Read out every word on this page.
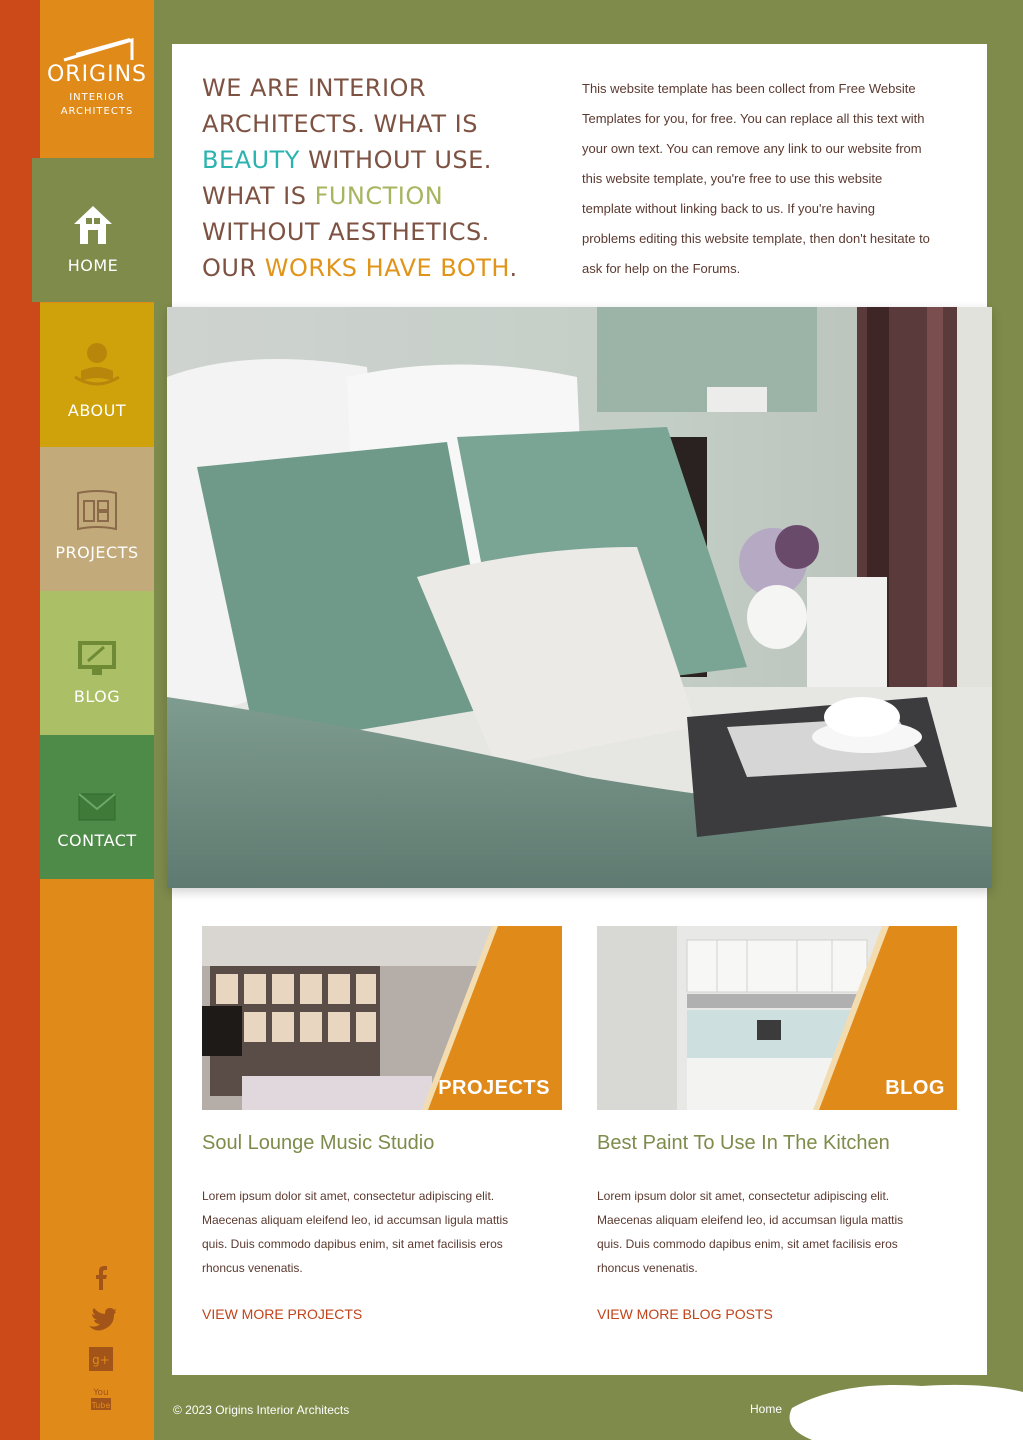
ORIGINS
INTERIOR
ARCHITECTS
HOME
ABOUT
PROJECTS
BLOG
CONTACT
g+
You
Tube
WE ARE INTERIOR
ARCHITECTS. WHAT IS
BEAUTY WITHOUT USE.
WHAT IS FUNCTION
WITHOUT AESTHETICS.
OUR WORKS HAVE BOTH.
This website template has been collect from Free Website Templates for you, for free. You can replace all this text with your own text. You can remove any link to our website from this website template, you're free to use this website template without linking back to us. If you're having problems editing this website template, then don't hesitate to ask for help on the Forums.
PROJECTS	BLOG
Soul Lounge Music Studio	Best Paint To Use In The Kitchen
Lorem ipsum dolor sit amet, consectetur adipiscing elit. Maecenas aliquam eleifend leo, id accumsan ligula mattis quis. Duis commodo dapibus enim, sit amet facilisis eros rhoncus venenatis.
Lorem ipsum dolor sit amet, consectetur adipiscing elit. Maecenas aliquam eleifend leo, id accumsan ligula mattis quis. Duis commodo dapibus enim, sit amet facilisis eros rhoncus venenatis.
VIEW MORE PROJECTS	VIEW MORE BLOG POSTS
© 2023 Origins Interior Architects	Home
